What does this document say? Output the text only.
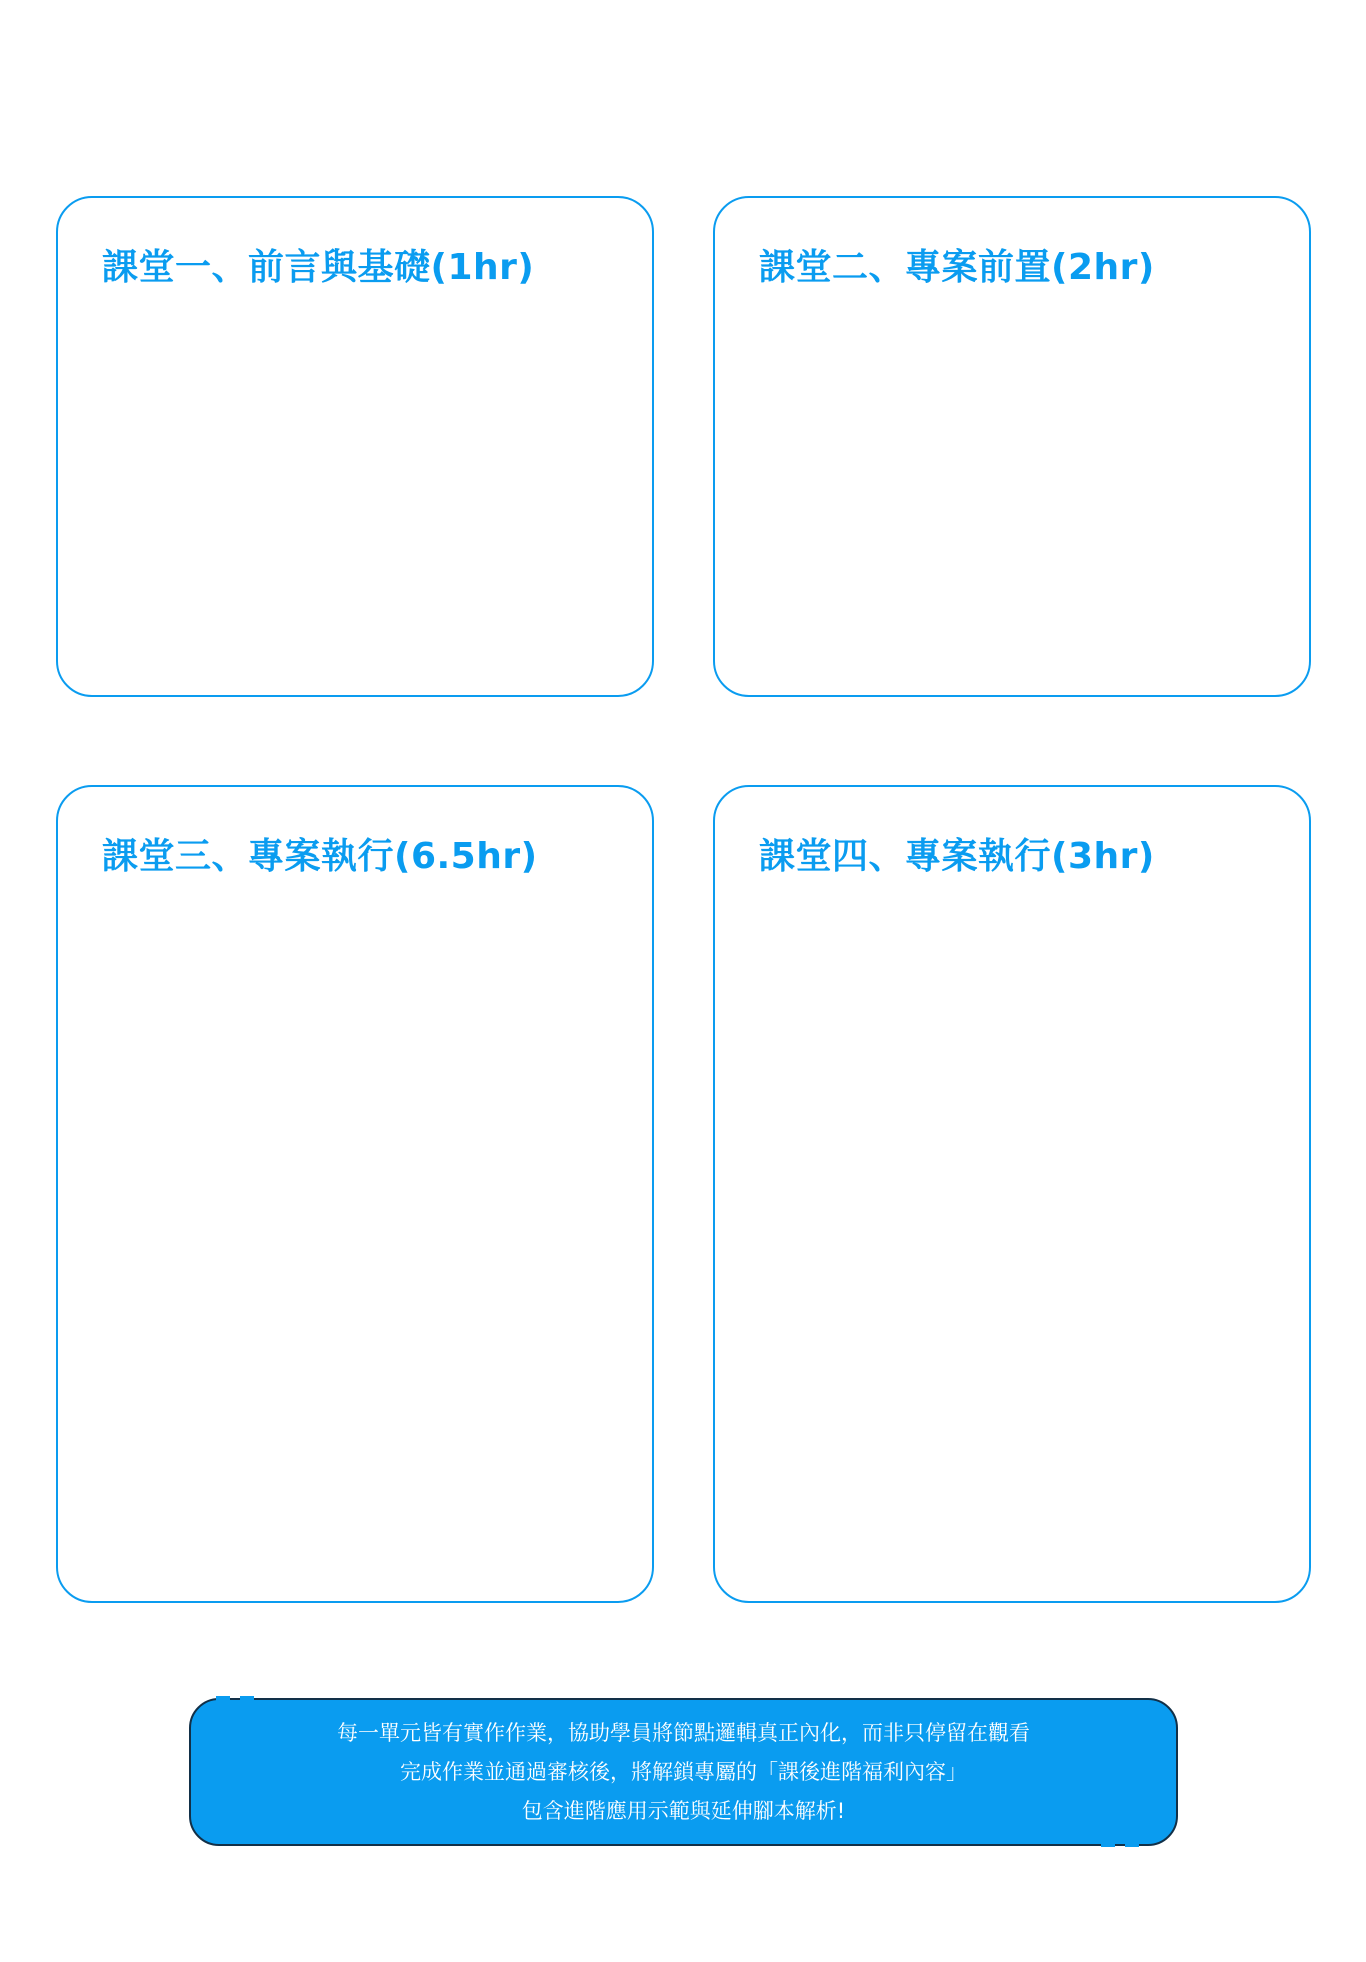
課堂一、前言與基礎(1hr)	課堂二、專案前置(2hr)
課堂三、專案執行(6.5hr)	課堂四、專案執行(3hr)
每一單元皆有實作作業，協助學員將節點邏輯真正內化，而非只停留在觀看
完成作業並通過審核後，將解鎖專屬的「課後進階福利內容」
包含進階應用示範與延伸腳本解析!
